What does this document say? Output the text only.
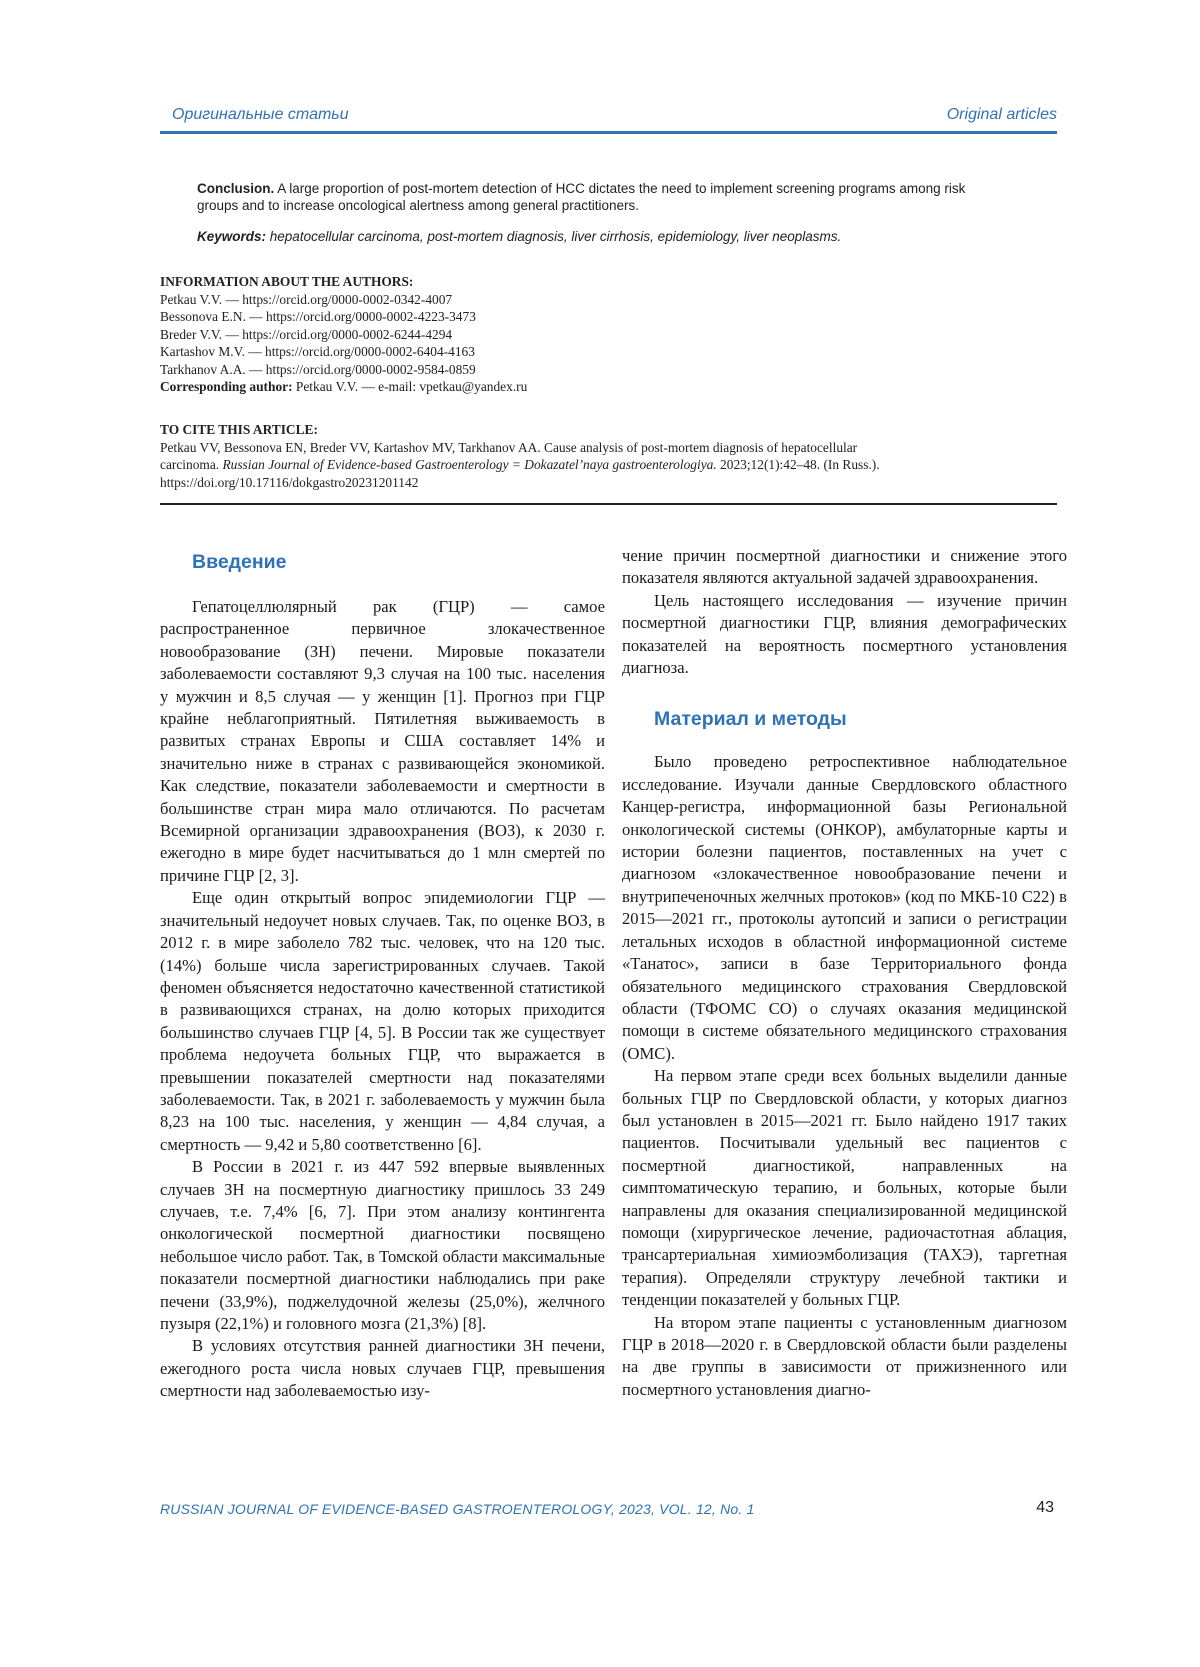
Оригинальные статьи	Original articles
Conclusion. A large proportion of post-mortem detection of HCC dictates the need to implement screening programs among risk
groups and to increase oncological alertness among general practitioners.
Keywords: hepatocellular carcinoma, post-mortem diagnosis, liver cirrhosis, epidemiology, liver neoplasms.
INFORMATION ABOUT THE AUTHORS:
Petkau V.V. — https://orcid.org/0000-0002-0342-4007
Bessonova E.N. — https://orcid.org/0000-0002-4223-3473
Breder V.V. — https://orcid.org/0000-0002-6244-4294
Kartashov M.V. — https://orcid.org/0000-0002-6404-4163
Tarkhanov A.A. — https://orcid.org/0000-0002-9584-0859
Corresponding author: Petkau V.V. — e-mail: vpetkau@yandex.ru
TO CITE THIS ARTICLE:
Petkau VV, Bessonova EN, Breder VV, Kartashov MV, Tarkhanov AA. Cause analysis of post-mortem diagnosis of hepatocellular
carcinoma. Russian Journal of Evidence-based Gastroenterology = Dokazatel’naya gastroenterologiya. 2023;12(1):42–48. (In Russ.).
https://doi.org/10.17116/dokgastro20231201142
Введение

Гепатоцеллюлярный рак (ГЦР) — самое распространенное первичное злокачественное новообразование (ЗН) печени. Мировые показатели заболеваемости составляют 9,3 случая на 100 тыс. населения у мужчин и 8,5 случая — у женщин [1]. Прогноз при ГЦР крайне неблагоприятный. Пятилетняя выживаемость в развитых странах Европы и США составляет 14% и значительно ниже в странах с развивающейся экономикой. Как следствие, показатели заболеваемости и смертности в большинстве стран мира мало отличаются. По расчетам Всемирной организации здравоохранения (ВОЗ), к 2030 г. ежегодно в мире будет насчитываться до 1 млн смертей по причине ГЦР [2, 3].

Еще один открытый вопрос эпидемиологии ГЦР — значительный недоучет новых случаев. Так, по оценке ВОЗ, в 2012 г. в мире заболело 782 тыс. человек, что на 120 тыс. (14%) больше числа зарегистрированных случаев. Такой феномен объясняется недостаточно качественной статистикой в развивающихся странах, на долю которых приходится большинство случаев ГЦР [4, 5]. В России так же существует проблема недоучета больных ГЦР, что выражается в превышении показателей смертности над показателями заболеваемости. Так, в 2021 г. заболеваемость у мужчин была 8,23 на 100 тыс. населения, у женщин — 4,84 случая, а смертность — 9,42 и 5,80 соответственно [6].

В России в 2021 г. из 447 592 впервые выявленных случаев ЗН на посмертную диагностику пришлось 33 249 случаев, т.е. 7,4% [6, 7]. При этом анализу контингента онкологической посмертной диагностики посвящено небольшое число работ. Так, в Томской области максимальные показатели посмертной диагностики наблюдались при раке печени (33,9%), поджелудочной железы (25,0%), желчного пузыря (22,1%) и головного мозга (21,3%) [8].

В условиях отсутствия ранней диагностики ЗН печени, ежегодного роста числа новых случаев ГЦР, превышения смертности над заболеваемостью изу-

чение причин посмертной диагностики и снижение этого показателя являются актуальной задачей здравоохранения.

Цель настоящего исследования — изучение причин посмертной диагностики ГЦР, влияния демографических показателей на вероятность посмертного установления диагноза.

Материал и методы

Было проведено ретроспективное наблюдательное исследование. Изучали данные Свердловского областного Канцер-регистра, информационной базы Региональной онкологической системы (ОНКОР), амбулаторные карты и истории болезни пациентов, поставленных на учет с диагнозом «злокачественное новообразование печени и внутрипеченочных желчных протоков» (код по МКБ-10 С22) в 2015—2021 гг., протоколы аутопсий и записи о регистрации летальных исходов в областной информационной системе «Танатос», записи в базе Территориального фонда обязательного медицинского страхования Свердловской области (ТФОМС СО) о случаях оказания медицинской помощи в системе обязательного медицинского страхования (ОМС).

На первом этапе среди всех больных выделили данные больных ГЦР по Свердловской области, у которых диагноз был установлен в 2015—2021 гг. Было найдено 1917 таких пациентов. Посчитывали удельный вес пациентов с посмертной диагностикой, направленных на симптоматическую терапию, и больных, которые были направлены для оказания специализированной медицинской помощи (хирургическое лечение, радиочастотная аблация, трансартериальная химиоэмболизация (ТАХЭ), таргетная терапия). Определяли структуру лечебной тактики и тенденции показателей у больных ГЦР.

На втором этапе пациенты с установленным диагнозом ГЦР в 2018—2020 г. в Свердловской области были разделены на две группы в зависимости от прижизненного или посмертного установления диагно-

RUSSIAN JOURNAL OF EVIDENCE-BASED GASTROENTEROLOGY, 2023, VOL. 12, No. 1	43
